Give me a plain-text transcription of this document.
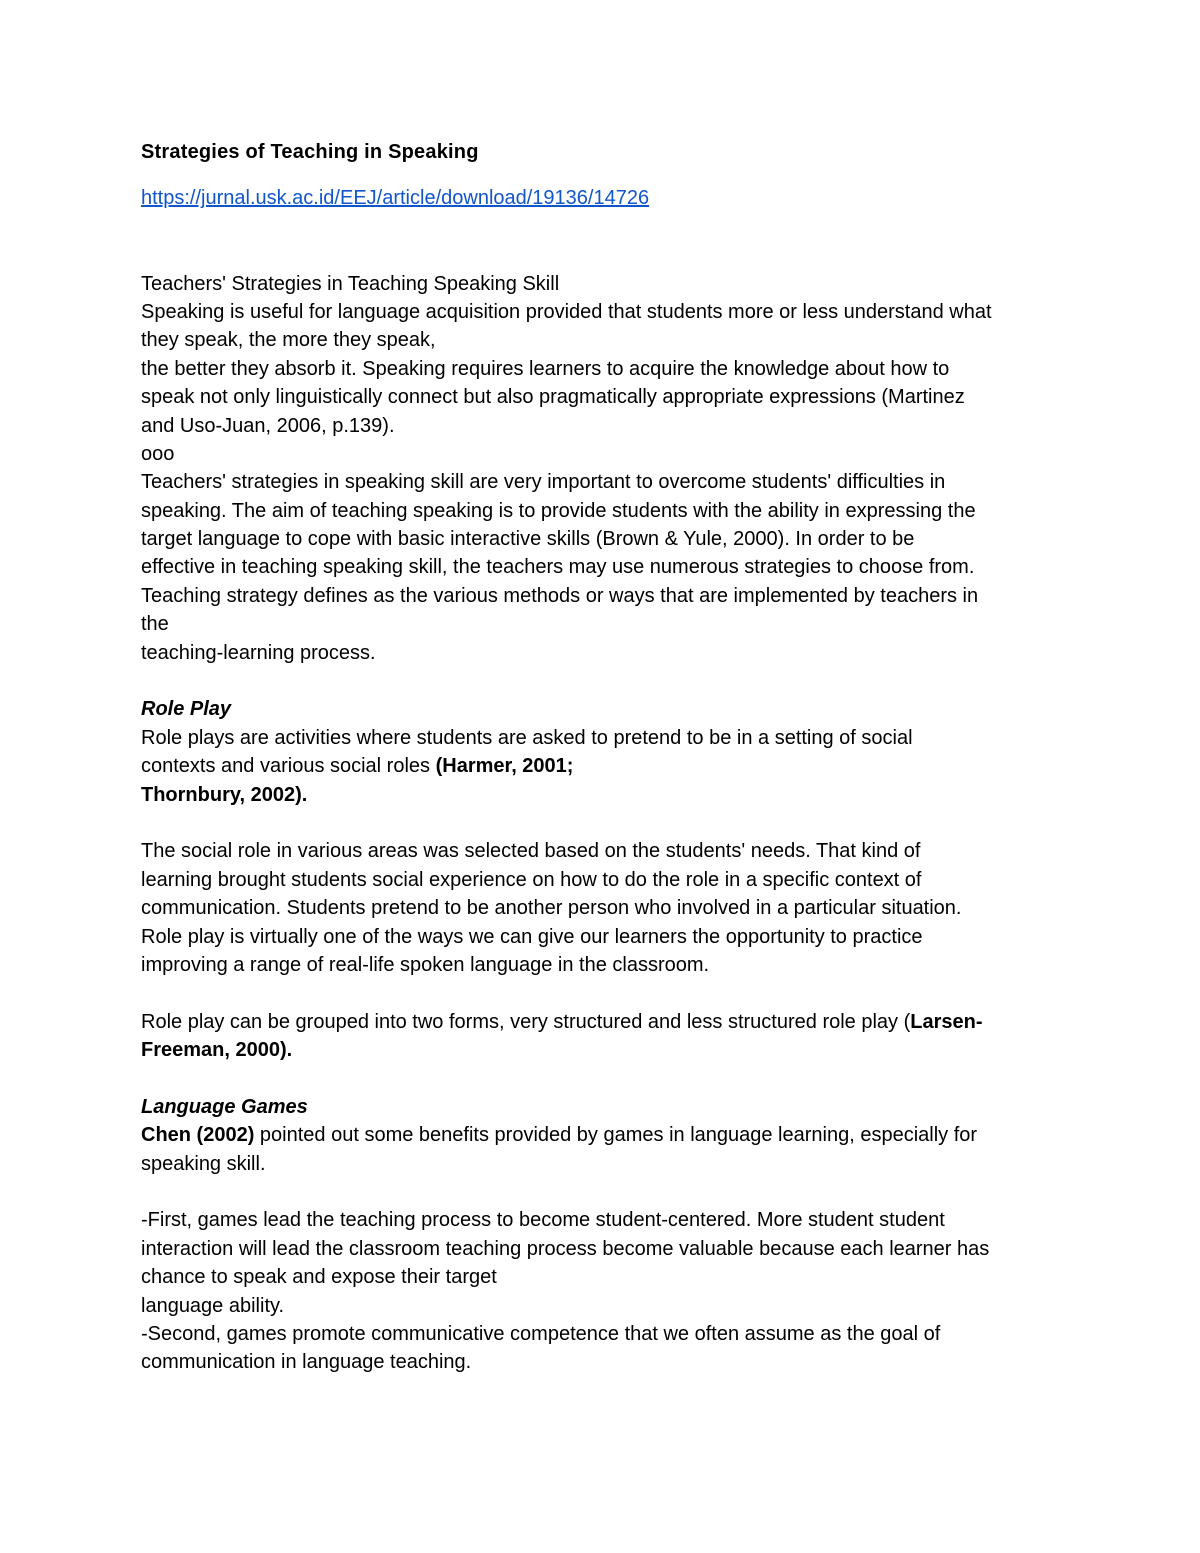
Strategies of Teaching in Speaking
https://jurnal.usk.ac.id/EEJ/article/download/19136/14726
Teachers' Strategies in Teaching Speaking Skill
Speaking is useful for language acquisition provided that students more or less understand what
they speak, the more they speak,
the better they absorb it. Speaking requires learners to acquire the knowledge about how to
speak not only linguistically connect but also pragmatically appropriate expressions (Martinez
and Uso-Juan, 2006, p.139).
ooo
Teachers' strategies in speaking skill are very important to overcome students' difficulties in
speaking. The aim of teaching speaking is to provide students with the ability in expressing the
target language to cope with basic interactive skills (Brown & Yule, 2000). In order to be
effective in teaching speaking skill, the teachers may use numerous strategies to choose from.
Teaching strategy defines as the various methods or ways that are implemented by teachers in
the
teaching-learning process.
Role Play
Role plays are activities where students are asked to pretend to be in a setting of social
contexts and various social roles (Harmer, 2001;
Thornbury, 2002).
The social role in various areas was selected based on the students' needs. That kind of
learning brought students social experience on how to do the role in a specific context of
communication. Students pretend to be another person who involved in a particular situation.
Role play is virtually one of the ways we can give our learners the opportunity to practice
improving a range of real-life spoken language in the classroom.
Role play can be grouped into two forms, very structured and less structured role play (Larsen-
Freeman, 2000).
Language Games
Chen (2002) pointed out some benefits provided by games in language learning, especially for
speaking skill.
-First, games lead the teaching process to become student-centered. More student student
interaction will lead the classroom teaching process become valuable because each learner has
chance to speak and expose their target
language ability.
-Second, games promote communicative competence that we often assume as the goal of
communication in language teaching.
